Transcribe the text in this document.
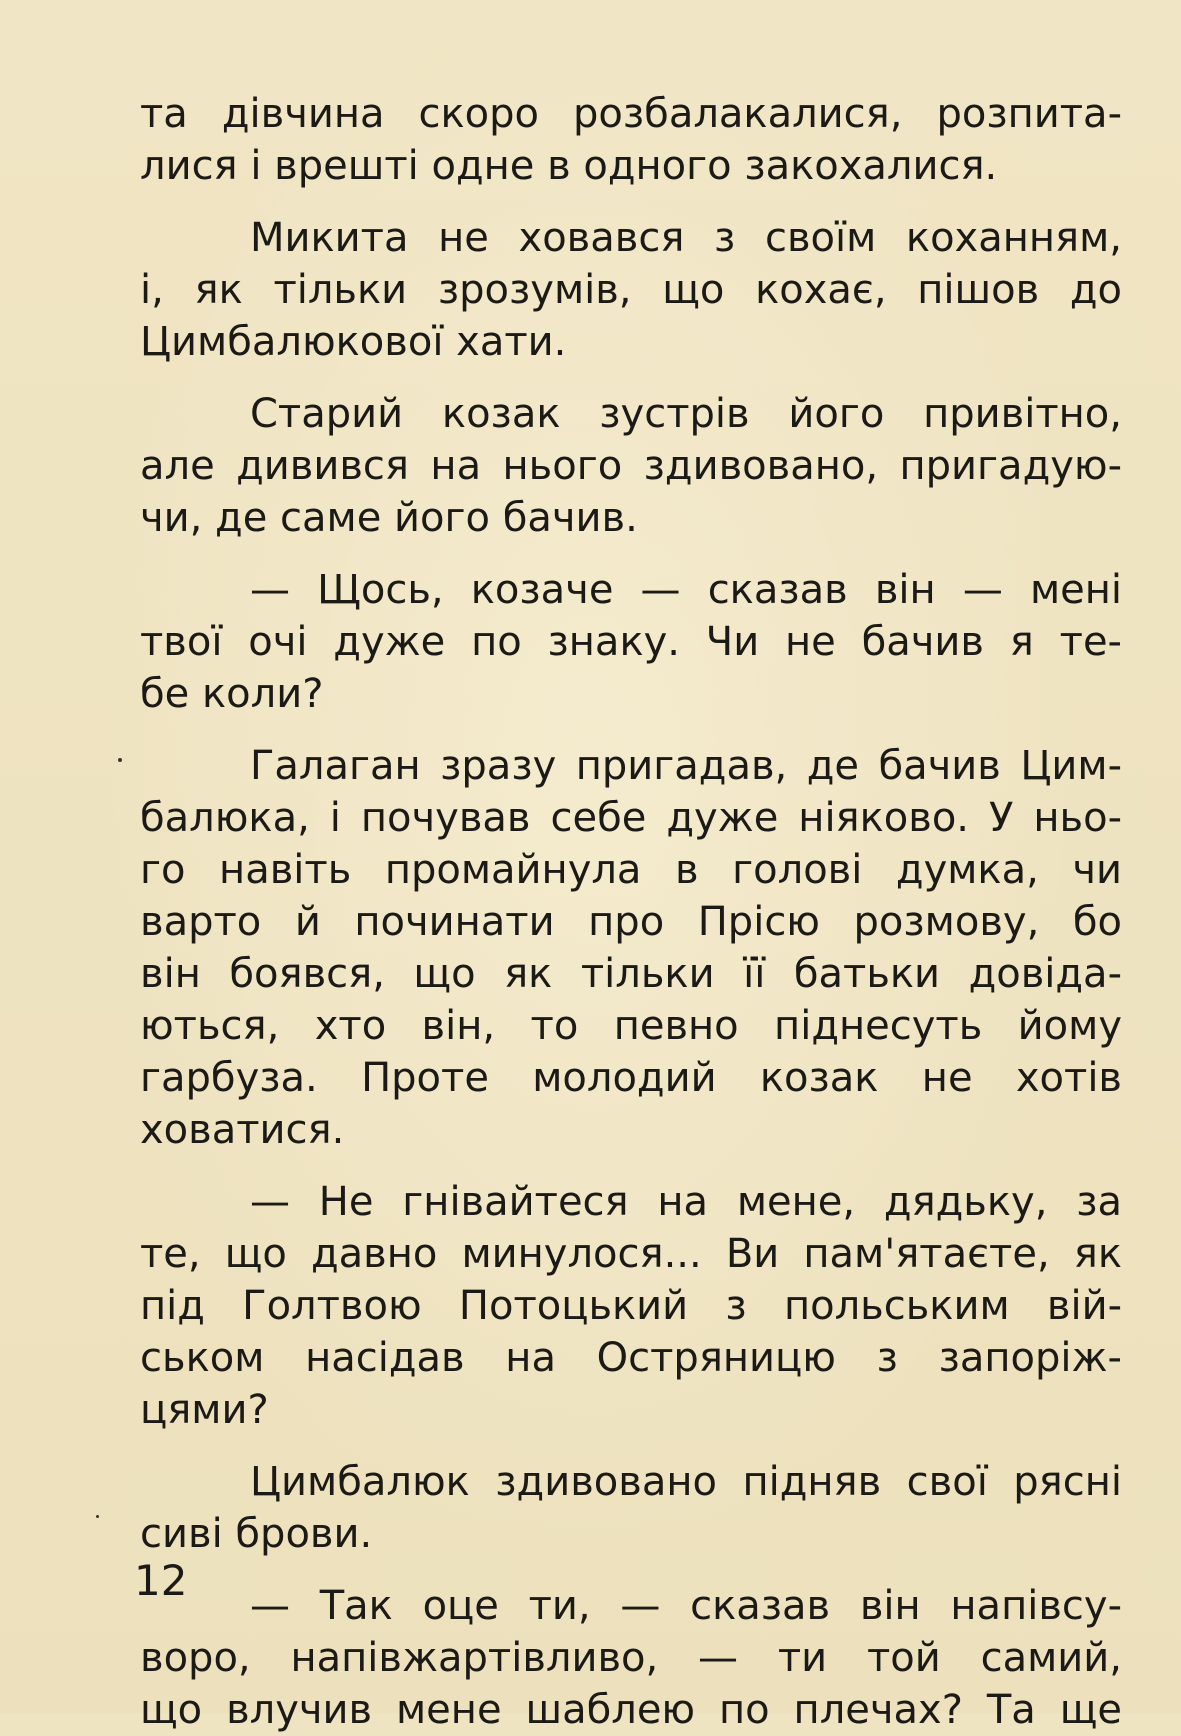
та дівчина скоро розбалакалися, розпита-
лися і врешті одне в одного закохалися.
Микита не ховався з своїм коханням,
і, як тільки зрозумів, що кохає, пішов до
Цимбалюкової хати.
Старий козак зустрів його привітно,
але дивився на нього здивовано, пригадую-
чи, де саме його бачив.
— Щось, козаче — сказав він — мені
твої очі дуже по знаку. Чи не бачив я те-
бе коли?
Галаган зразу пригадав, де бачив Цим-
балюка, і почував себе дуже ніяково. У ньо-
го навіть промайнула в голові думка, чи
варто й починати про Прісю розмову, бо
він боявся, що як тільки її батьки довіда-
ються, хто він, то певно піднесуть йому
гарбуза. Проте молодий козак не хотів
ховатися.
— Не гнівайтеся на мене, дядьку, за
те, що давно минулося... Ви пам'ятаєте, як
під Голтвою Потоцький з польським вій-
ськом насідав на Остряницю з запоріж-
цями?
Цимбалюк здивовано підняв свої рясні
сиві брови.
— Так оце ти, — сказав він напівсу-
воро, напівжартівливо, — ти той самий,
що влучив мене шаблею по плечах? Та ще
12
